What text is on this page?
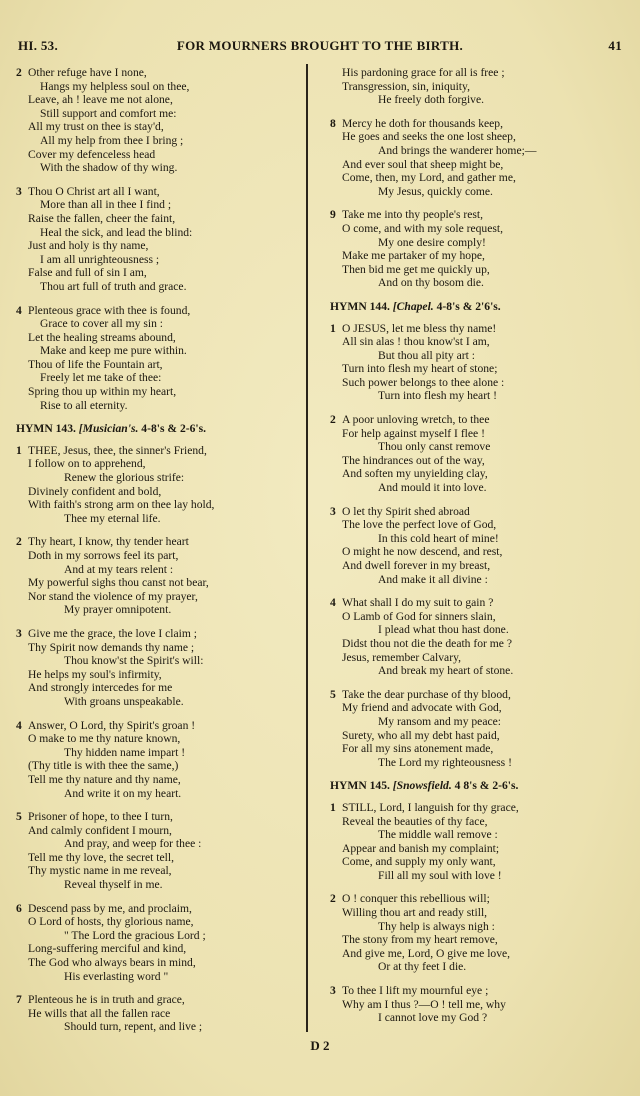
HI. 53.	FOR MOURNERS BROUGHT TO THE BIRTH.	41
2 Other refuge have I none,
Hangs my helpless soul on thee,
Leave, ah ! leave me not alone,
Still support and comfort me:
All my trust on thee is stay'd,
All my help from thee I bring ;
Cover my defenceless head
With the shadow of thy wing.
3 Thou O Christ art all I want,
More than all in thee I find ;
Raise the fallen, cheer the faint,
Heal the sick, and lead the blind:
Just and holy is thy name,
I am all unrighteousness ;
False and full of sin I am,
Thou art full of truth and grace.
4 Plenteous grace with thee is found,
Grace to cover all my sin :
Let the healing streams abound,
Make and keep me pure within.
Thou of life the Fountain art,
Freely let me take of thee:
Spring thou up within my heart,
Rise to all eternity.
HYMN 143. [Musician's. 4-8's & 2-6's.
1 THEE, Jesus, thee, the sinner's Friend,
I follow on to apprehend,
Renew the glorious strife:
Divinely confident and bold,
With faith's strong arm on thee lay hold,
Thee my eternal life.
2 Thy heart, I know, thy tender heart
Doth in my sorrows feel its part,
And at my tears relent :
My powerful sighs thou canst not bear,
Nor stand the violence of my prayer,
My prayer omnipotent.
3 Give me the grace, the love I claim ;
Thy Spirit now demands thy name ;
Thou know'st the Spirit's will:
He helps my soul's infirmity,
And strongly intercedes for me
With groans unspeakable.
4 Answer, O Lord, thy Spirit's groan !
O make to me thy nature known,
Thy hidden name impart !
(Thy title is with thee the same,)
Tell me thy nature and thy name,
And write it on my heart.
5 Prisoner of hope, to thee I turn,
And calmly confident I mourn,
And pray, and weep for thee :
Tell me thy love, the secret tell,
Thy mystic name in me reveal,
Reveal thyself in me.
6 Descend pass by me, and proclaim,
O Lord of hosts, thy glorious name,
" The Lord the gracious Lord ;
Long-suffering merciful and kind,
The God who always bears in mind,
His everlasting word "
7 Plenteous he is in truth and grace,
He wills that all the fallen race
Should turn, repent, and live ;
His pardoning grace for all is free ;
Transgression, sin, iniquity,
He freely doth forgive.
8 Mercy he doth for thousands keep,
He goes and seeks the one lost sheep,
And brings the wanderer home;—
And ever soul that sheep might be,
Come, then, my Lord, and gather me,
My Jesus, quickly come.
9 Take me into thy people's rest,
O come, and with my sole request,
My one desire comply!
Make me partaker of my hope,
Then bid me get me quickly up,
And on thy bosom die.
HYMN 144. [Chapel. 4-8's & 2'6's.
1 O JESUS, let me bless thy name!
All sin alas ! thou know'st I am,
But thou all pity art :
Turn into flesh my heart of stone;
Such power belongs to thee alone :
Turn into flesh my heart !
2 A poor unloving wretch, to thee
For help against myself I flee !
Thou only canst remove
The hindrances out of the way,
And soften my unyielding clay,
And mould it into love.
3 O let thy Spirit shed abroad
The love the perfect love of God,
In this cold heart of mine!
O might he now descend, and rest,
And dwell forever in my breast,
And make it all divine :
4 What shall I do my suit to gain ?
O Lamb of God for sinners slain,
I plead what thou hast done.
Didst thou not die the death for me ?
Jesus, remember Calvary,
And break my heart of stone.
5 Take the dear purchase of thy blood,
My friend and advocate with God,
My ransom and my peace:
Surety, who all my debt hast paid,
For all my sins atonement made,
The Lord my righteousness !
HYMN 145. [Snowsfield. 4 8's & 2-6's.
1 STILL, Lord, I languish for thy grace,
Reveal the beauties of thy face,
The middle wall remove :
Appear and banish my complaint;
Come, and supply my only want,
Fill all my soul with love !
2 O ! conquer this rebellious will;
Willing thou art and ready still,
Thy help is always nigh :
The stony from my heart remove,
And give me, Lord, O give me love,
Or at thy feet I die.
3 To thee I lift my mournful eye ;
Why am I thus ?—O ! tell me, why
I cannot love my God ?
D 2
